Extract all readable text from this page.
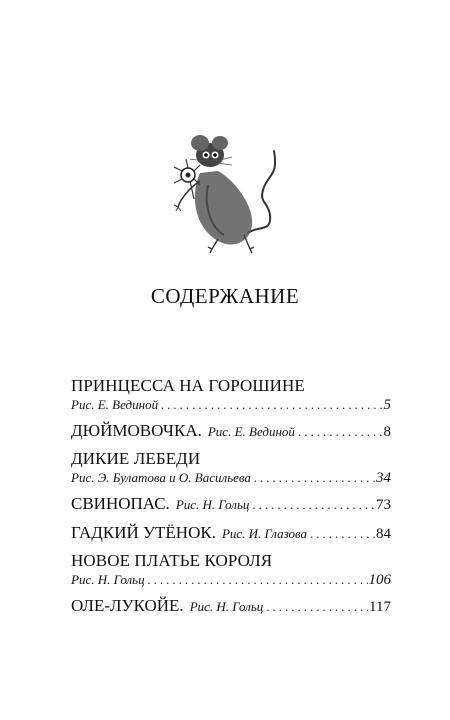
СОДЕРЖАНИЕ
ПРИНЦЕССА НА ГОРОШИНЕ
Рис. Е. Вединой .....	5
ДЮЙМОВОЧКА. Рис. Е. Вединой .....	8
ДИКИЕ ЛЕБЕДИ
Рис. Э. Булатова и О. Васильева .....	34
СВИНОПАС. Рис. Н. Гольц .....	73
ГАДКИЙ УТЁНОК. Рис. И. Глазова .....	84
НОВОЕ ПЛАТЬЕ КОРОЛЯ
Рис. Н. Гольц .....	106
ОЛЕ-ЛУКОЙЕ. Рис. Н. Гольц .....	117
